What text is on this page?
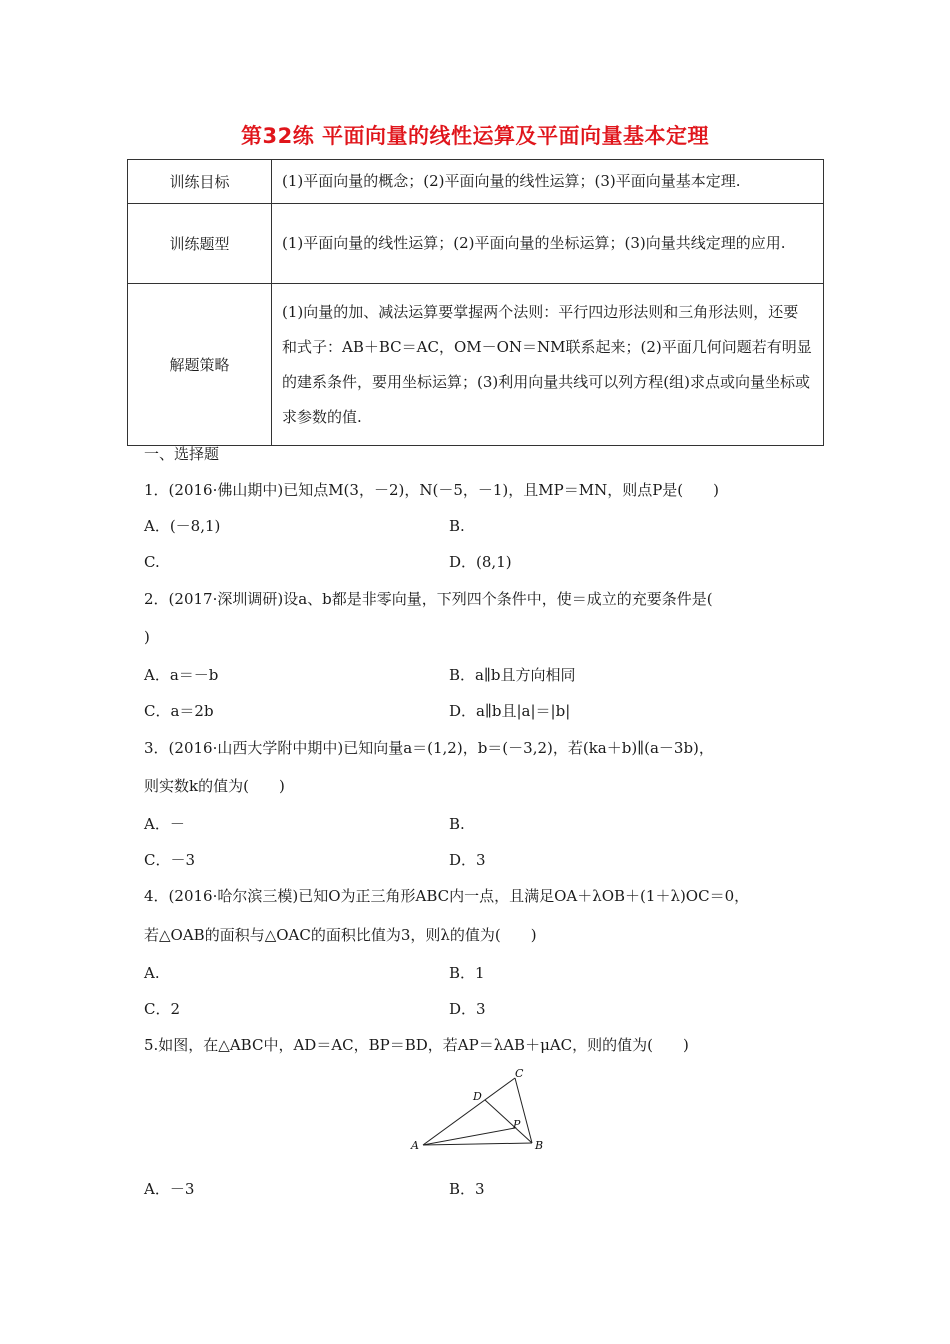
第32练 平面向量的线性运算及平面向量基本定理
训练目标	(1)平面向量的概念；(2)平面向量的线性运算；(3)平面向量基本定理.
训练题型	(1)平面向量的线性运算；(2)平面向量的坐标运算；(3)向量共线定理的应用.
解题策略	(1)向量的加、减法运算要掌握两个法则：平行四边形法则和三角形法则，还要和式子：AB＋BC＝AC，OM－ON＝NM联系起来；(2)平面几何问题若有明显的建系条件，要用坐标运算；(3)利用向量共线可以列方程(组)求点或向量坐标或求参数的值.
一、选择题
1．(2016·佛山期中)已知点M(3，－2)，N(－5，－1)，且MP＝MN，则点P是(　　)
A．(－8,1)	B.
C.	D．(8,1)
2．(2017·深圳调研)设a、b都是非零向量，下列四个条件中，使＝成立的充要条件是(
)
A．a＝－b	B．a∥b且方向相同
C．a＝2b	D．a∥b且|a|＝|b|
3．(2016·山西大学附中期中)已知向量a＝(1,2)，b＝(－3,2)，若(ka＋b)∥(a－3b)，
则实数k的值为(　　)
A．－	B.
C．－3	D．3
4．(2016·哈尔滨三模)已知O为正三角形ABC内一点，且满足OA＋λOB＋(1＋λ)OC＝0，
若△OAB的面积与△OAC的面积比值为3，则λ的值为(　　)
A.	B．1
C．2	D．3
5.如图，在△ABC中，AD＝AC，BP＝BD，若AP＝λAB＋μAC，则的值为(　　)
A	B
C
D
P
A．－3	B．3
